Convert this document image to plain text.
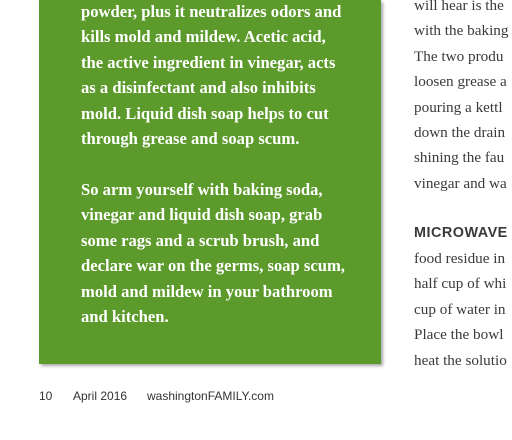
powder, plus it neutralizes odors and
kills mold and mildew. Acetic acid,
the active ingredient in vinegar, acts
as a disinfectant and also inhibits
mold. Liquid dish soap helps to cut
through grease and soap scum.
So arm yourself with baking soda,
vinegar and liquid dish soap, grab
some rags and a scrub brush, and
declare war on the germs, soap scum,
mold and mildew in your bathroom
and kitchen.
will hear is the
with the baking
The two produ
loosen grease a
pouring a kettl
down the drain
shining the fau
vinegar and wa
MICROWAVE
food residue in
half cup of whi
cup of water in
Place the bowl
heat the solutio
10 April 2016 washingtonFAMILY.com
